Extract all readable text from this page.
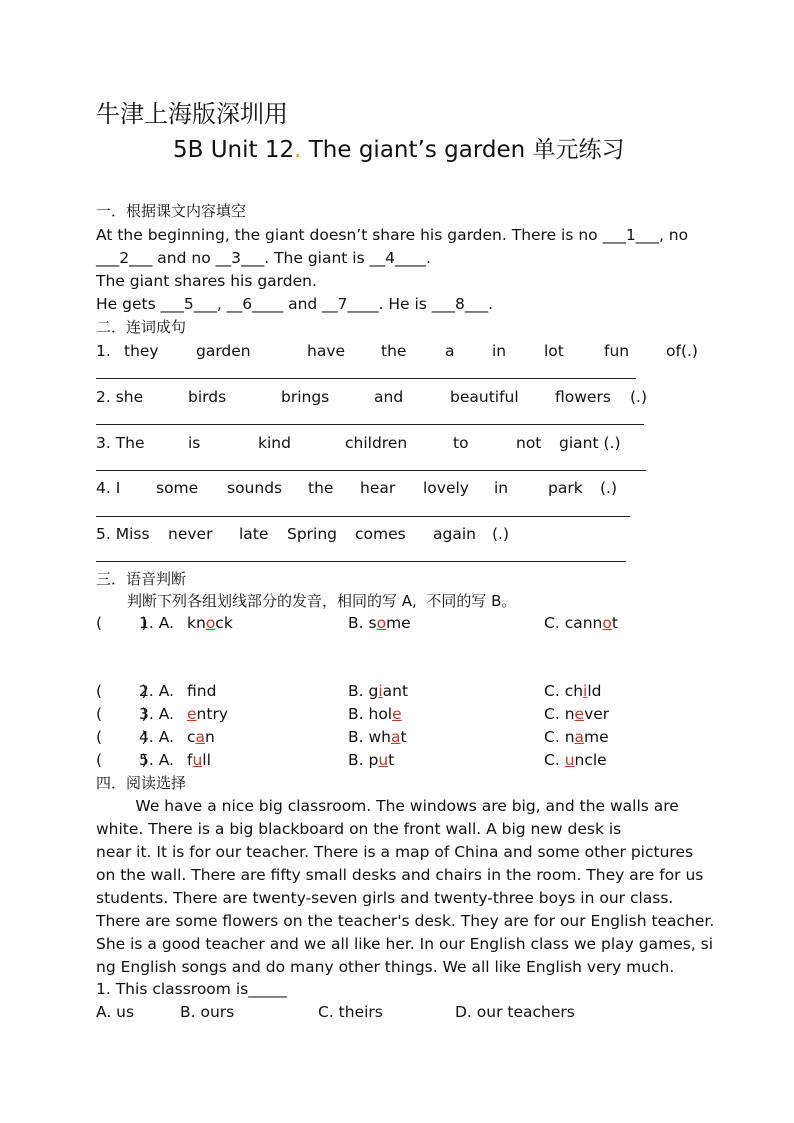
牛津上海版深圳用
5B Unit 12. The giant’s garden 单元练习
一．根据课文内容填空
At the beginning, the giant doesn’t share his garden. There is no ___1___, no
___2___ and no __3___. The giant is __4____.
The giant shares his garden.
He gets ___5___, __6____ and __7____. He is ___8___.
二．连词成句
1. they garden	have the a in lot	fun of(.)
2. she	birds	brings	and	beautiful flowers (.)
3. The	is	kind	children	to	not giant (.)
4. I some sounds the hear lovely in	park (.)
5. Miss never late Spring comes again (.)
三．语音判断
判断下列各组划线部分的发音，相同的写 A,  不同的写 B。
(        )
1. A. knock	B. some	C. cannot
(        )
2. A. fnd	B. giant	C. child
(        )
3. A. entry	B. hole	C. never
(        )
4. A. can	B. what	C. name
(        )
5. A. full	B. put	C. uncle
四．阅读选择
We have a nice big classroom. The windows are big, and the walls are
white. There is a big blackboard on the front wall. A big new desk is
near it. It is for our teacher. There is a map of China and some other pictures
on the wall. There are fifty small desks and chairs in the room. They are for us
students. There are twenty-seven girls and twenty-three boys in our class.
There are some flowers on the teacher's desk. They are for our English teacher.
She is a good teacher and we all like her. In our English class we play games, si
ng English songs and do many other things. We all like English very much.
1. This classroom is_____
A. us	B. ours	C. theirs	D. our teachers
